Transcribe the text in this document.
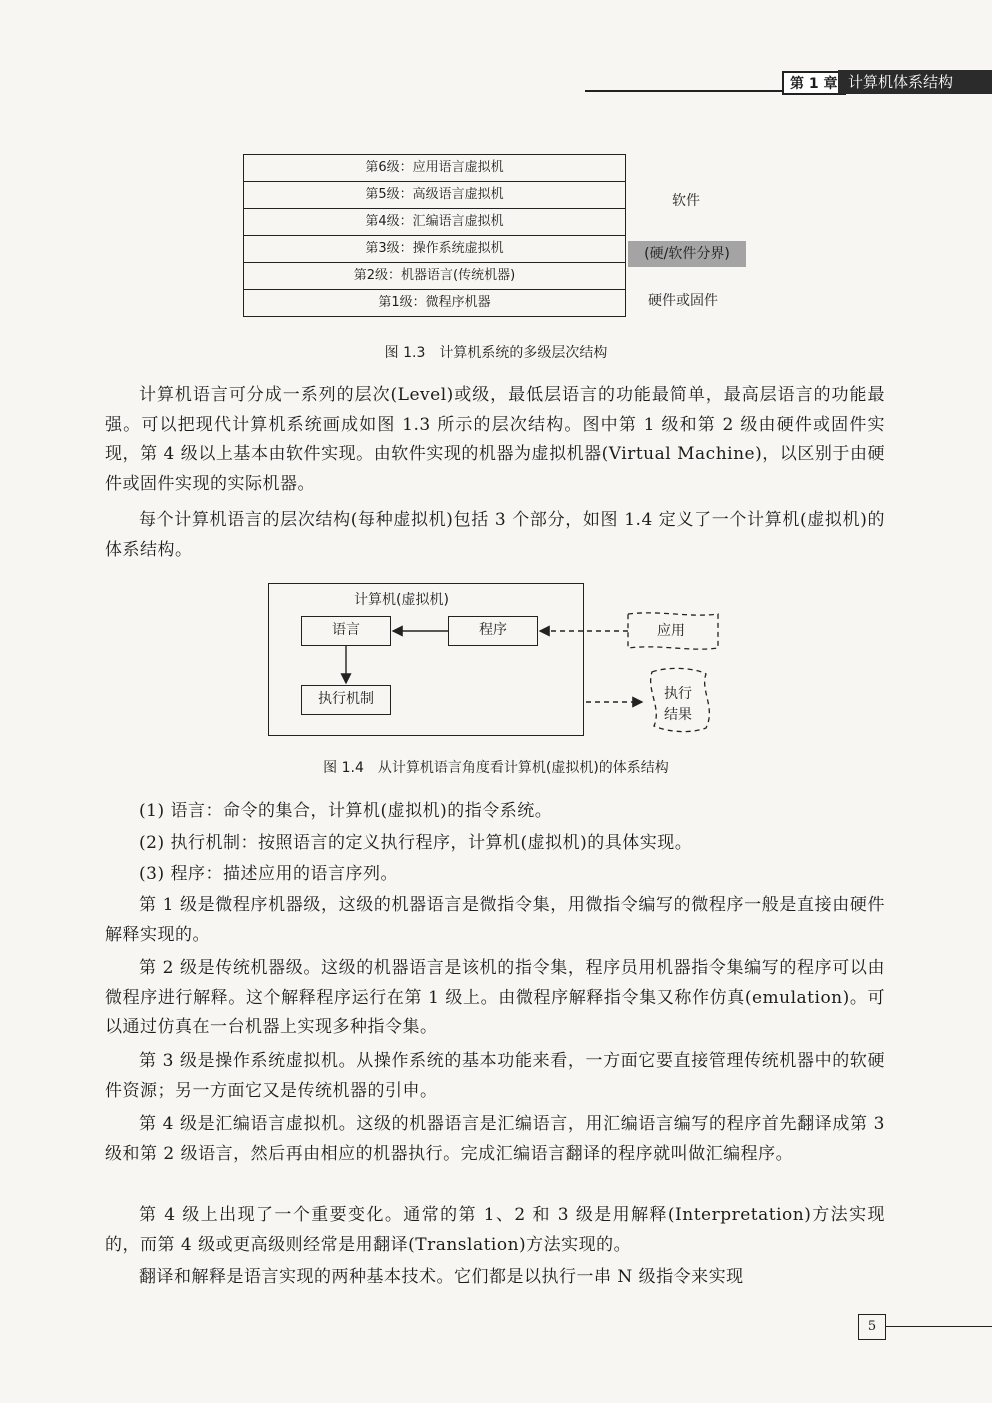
第 1 章 计算机体系结构
第6级：应用语言虚拟机
第5级：高级语言虚拟机
第4级：汇编语言虚拟机
第3级：操作系统虚拟机
第2级：机器语言(传统机器)
第1级：微程序机器
软件
(硬/软件分界)
硬件或固件
图 1.3　计算机系统的多级层次结构
计算机语言可分成一系列的层次(Level)或级，最低层语言的功能最简单，最高层语言的功能最强。可以把现代计算机系统画成如图 1.3 所示的层次结构。图中第 1 级和第 2 级由硬件或固件实现，第 4 级以上基本由软件实现。由软件实现的机器为虚拟机器(Virtual Machine)，以区别于由硬件或固件实现的实际机器。
每个计算机语言的层次结构(每种虚拟机)包括 3 个部分，如图 1.4 定义了一个计算机(虚拟机)的体系结构。
计算机(虚拟机)
语言	程序
执行机制
应用
执行
结果
图 1.4　从计算机语言角度看计算机(虚拟机)的体系结构
(1) 语言：命令的集合，计算机(虚拟机)的指令系统。
(2) 执行机制：按照语言的定义执行程序，计算机(虚拟机)的具体实现。
(3) 程序：描述应用的语言序列。
第 1 级是微程序机器级，这级的机器语言是微指令集，用微指令编写的微程序一般是直接由硬件解释实现的。
第 2 级是传统机器级。这级的机器语言是该机的指令集，程序员用机器指令集编写的程序可以由微程序进行解释。这个解释程序运行在第 1 级上。由微程序解释指令集又称作仿真(emulation)。可以通过仿真在一台机器上实现多种指令集。
第 3 级是操作系统虚拟机。从操作系统的基本功能来看，一方面它要直接管理传统机器中的软硬件资源；另一方面它又是传统机器的引申。
第 4 级是汇编语言虚拟机。这级的机器语言是汇编语言，用汇编语言编写的程序首先翻译成第 3 级和第 2 级语言，然后再由相应的机器执行。完成汇编语言翻译的程序就叫做汇编程序。
第 4 级上出现了一个重要变化。通常的第 1、2 和 3 级是用解释(Interpretation)方法实现的，而第 4 级或更高级则经常是用翻译(Translation)方法实现的。
翻译和解释是语言实现的两种基本技术。它们都是以执行一串 N 级指令来实现
5
